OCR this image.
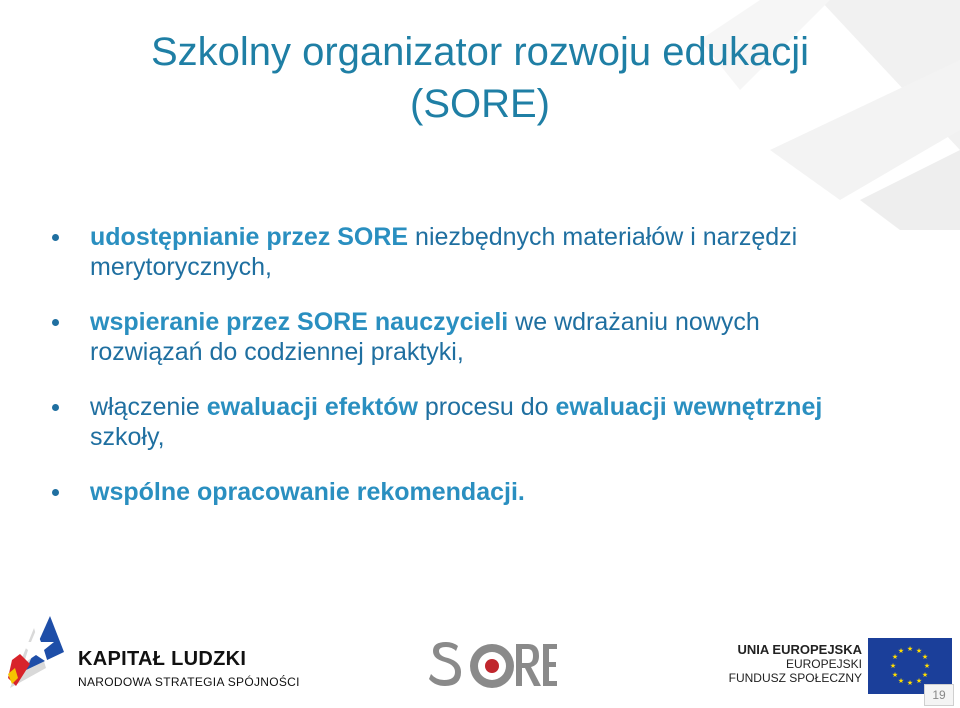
Szkolny organizator rozwoju edukacji
(SORE)
udostępnianie przez SORE niezbędnych materiałów i narzędzi merytorycznych,
wspieranie przez SORE nauczycieli we wdrażaniu nowych rozwiązań do codziennej praktyki,
włączenie ewaluacji efektów procesu do ewaluacji wewnętrznej szkoły,
wspólne opracowanie rekomendacji.
KAPITAŁ LUDZKI
NARODOWA STRATEGIA SPÓJNOŚCI
UNIA EUROPEJSKA
EUROPEJSKI
FUNDUSZ SPOŁECZNY
★ ★
★
★
★
★
★
★
★
★
★
★
19
